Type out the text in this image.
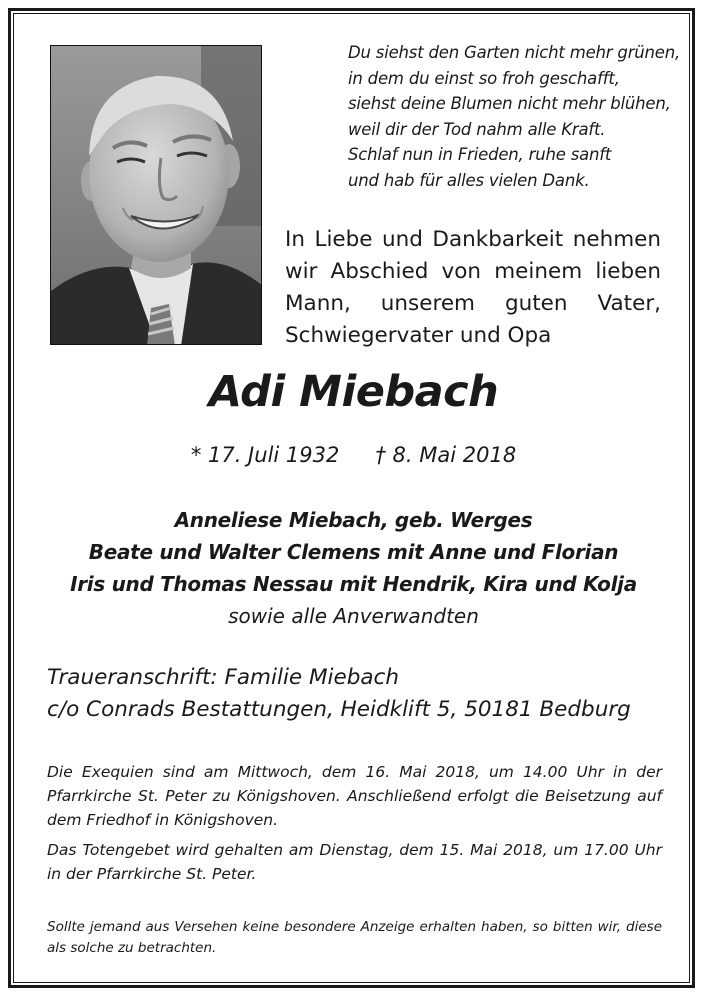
Du siehst den Garten nicht mehr grünen,
in dem du einst so froh geschafft,
siehst deine Blumen nicht mehr blühen,
weil dir der Tod nahm alle Kraft.
Schlaf nun in Frieden, ruhe sanft
und hab für alles vielen Dank.
In Liebe und Dankbarkeit nehmen wir Abschied von meinem lieben Mann, unserem guten Vater, Schwiegervater und Opa
Adi Miebach
* 17. Juli 1932 † 8. Mai 2018
Anneliese Miebach, geb. Werges
Beate und Walter Clemens mit Anne und Florian
Iris und Thomas Nessau mit Hendrik, Kira und Kolja
sowie alle Anverwandten
Traueranschrift: Familie Miebach
c/o Conrads Bestattungen, Heidklift 5, 50181 Bedburg

Die Exequien sind am Mittwoch, dem 16. Mai 2018, um 14.00 Uhr in der Pfarrkirche St. Peter zu Königshoven. Anschließend erfolgt die Beisetzung auf dem Friedhof in Königshoven.

Das Totengebet wird gehalten am Dienstag, dem 15. Mai 2018, um 17.00 Uhr in der Pfarrkirche St. Peter.

Sollte jemand aus Versehen keine besondere Anzeige erhalten haben, so bitten wir, diese als solche zu betrachten.
